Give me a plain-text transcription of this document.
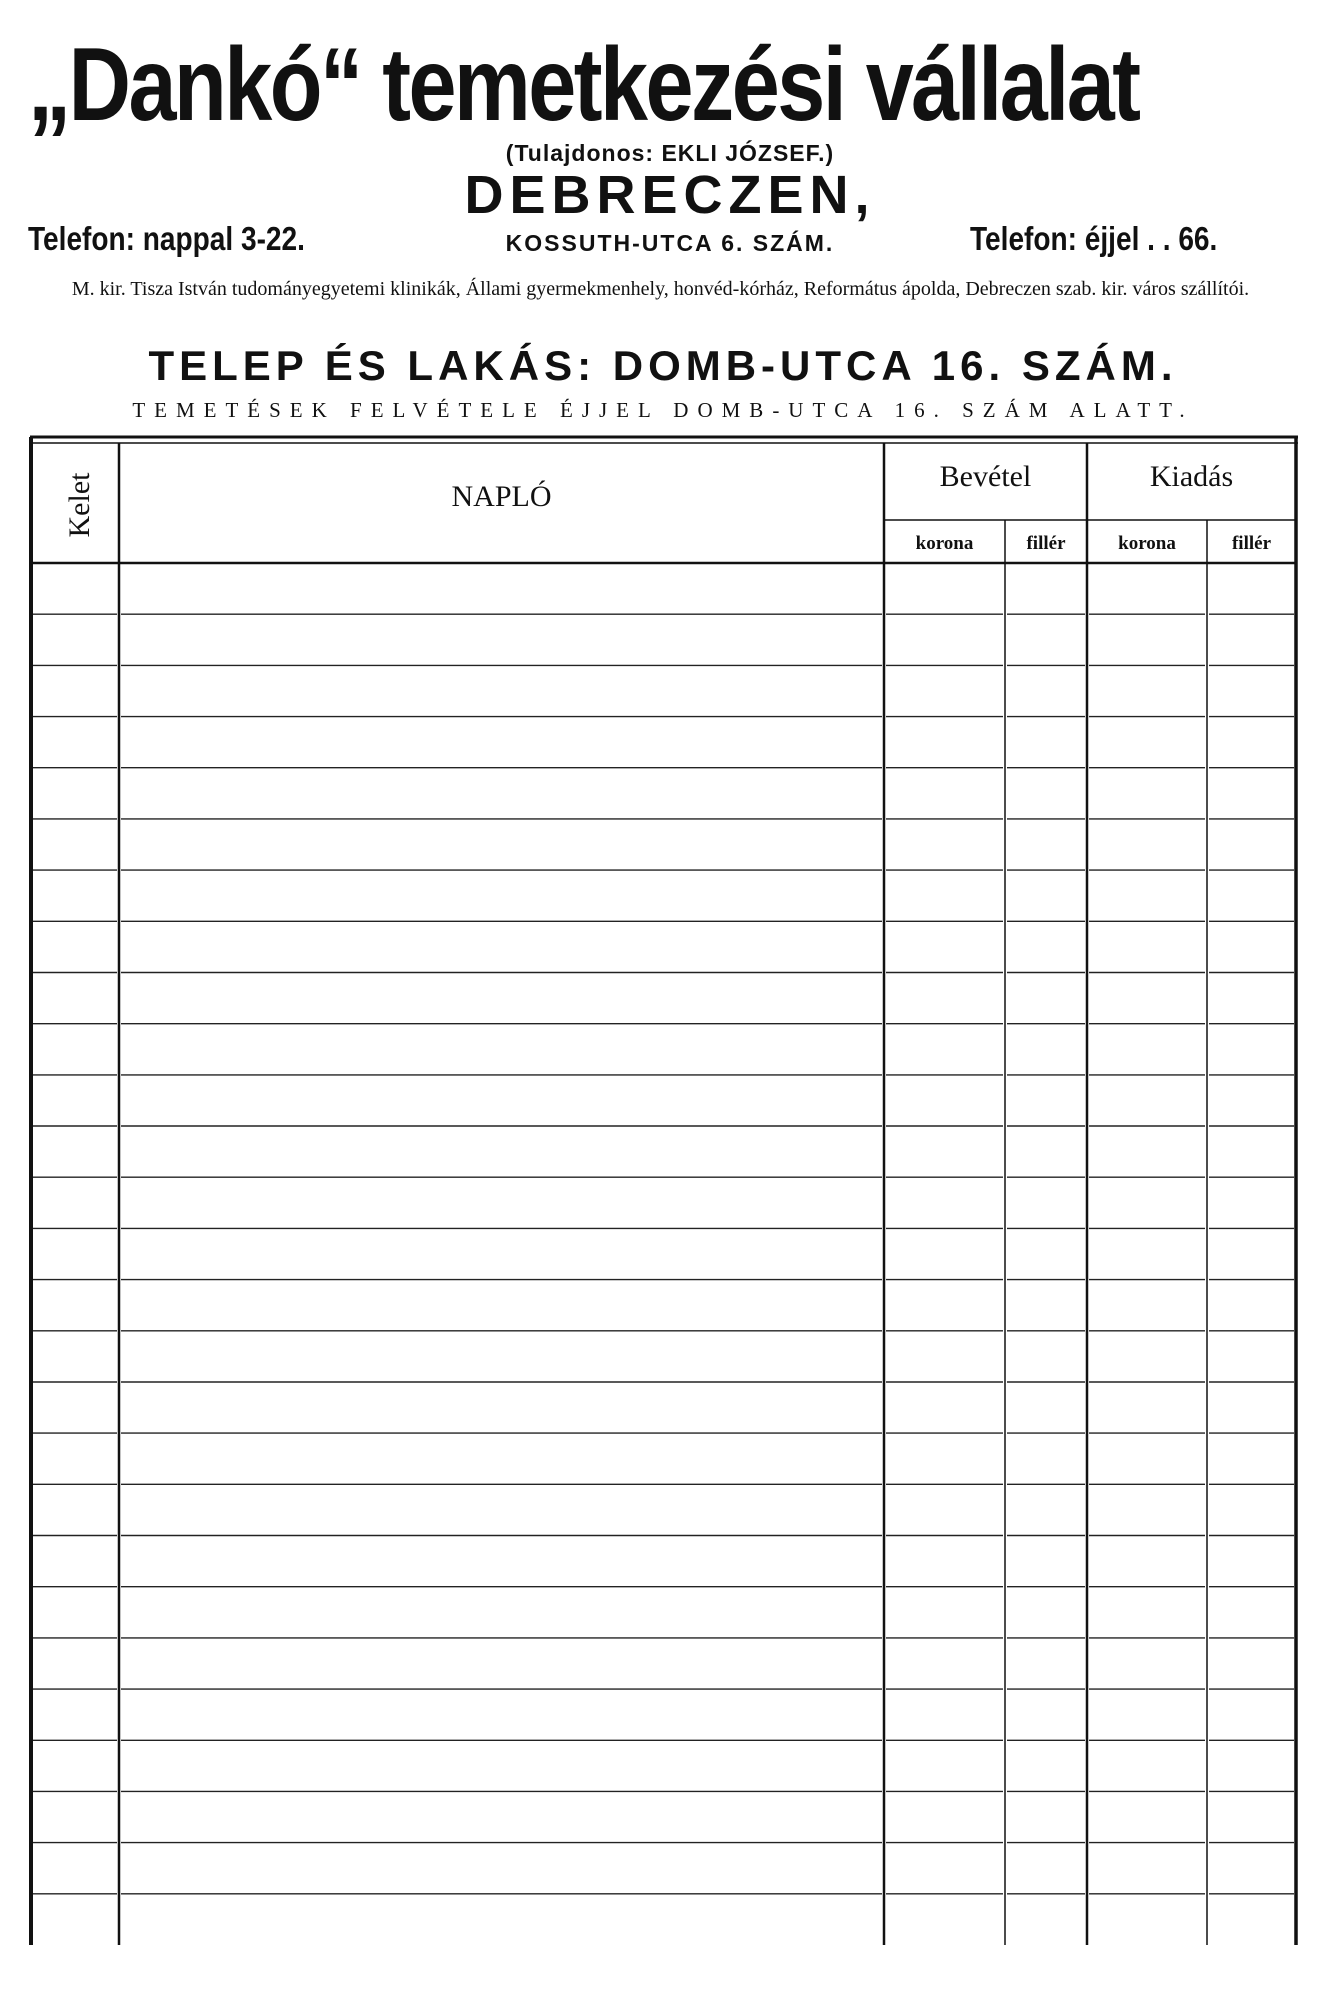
„Dankó“ temetkezési vállalat
(Tulajdonos: EKLI JÓZSEF.)
DEBRECZEN,
Telefon: nappal 3-22.	KOSSUTH-UTCA 6. SZÁM.	Telefon: éjjel . . 66.
M. kir. Tisza István tudományegyetemi klinikák, Állami gyermekmenhely, honvéd-kórház, Református ápolda, Debreczen szab. kir. város szállítói.
TELEP ÉS LAKÁS: DOMB-UTCA 16. SZÁM.
TEMETÉSEK FELVÉTELE ÉJJEL DOMB-UTCA 16. SZÁM ALATT.
Kelet	NAPLÓ
Bevétel	Kiadás
korona	fillér	korona	fillér
